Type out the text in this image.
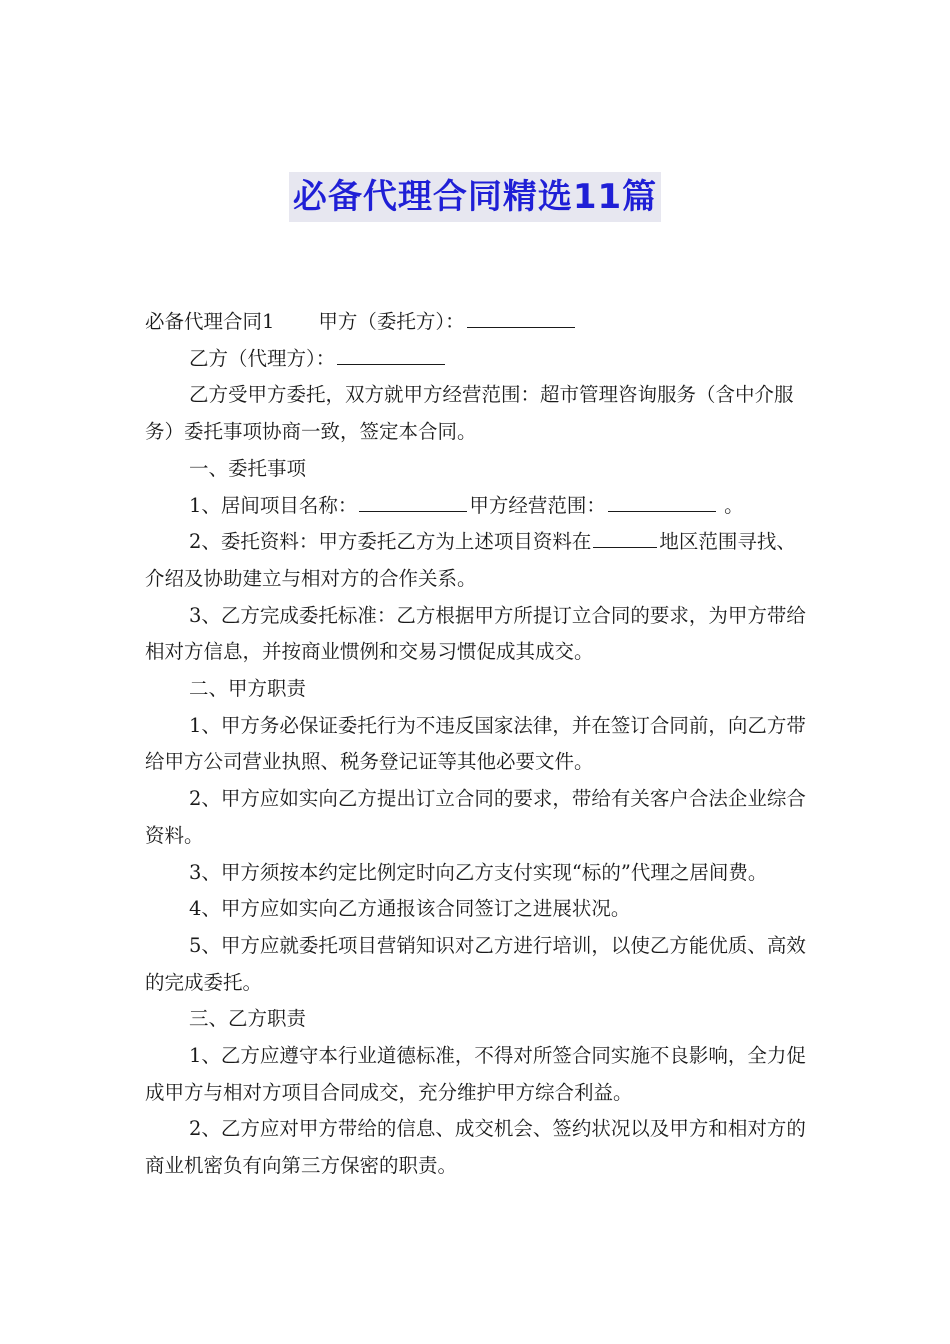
必备代理合同精选11篇

必备代理合同1 甲方（委托方）：

乙方（代理方）：

乙方受甲方委托，双方就甲方经营范围：超市管理咨询服务（含中介服务）委托事项协商一致，签定本合同。

一、委托事项

1、居间项目名称：	甲方经营范围：	。

2、委托资料：甲方委托乙方为上述项目资料在	地区范围寻找、介绍及协助建立与相对方的合作关系。

3、乙方完成委托标准：乙方根据甲方所提订立合同的要求，为甲方带给相对方信息，并按商业惯例和交易习惯促成其成交。

二、甲方职责

1、甲方务必保证委托行为不违反国家法律，并在签订合同前，向乙方带给甲方公司营业执照、税务登记证等其他必要文件。

2、甲方应如实向乙方提出订立合同的要求，带给有关客户合法企业综合资料。

3、甲方须按本约定比例定时向乙方支付实现“标的”代理之居间费。

4、甲方应如实向乙方通报该合同签订之进展状况。

5、甲方应就委托项目营销知识对乙方进行培训，以使乙方能优质、高效的完成委托。

三、乙方职责

1、乙方应遵守本行业道德标准，不得对所签合同实施不良影响，全力促成甲方与相对方项目合同成交，充分维护甲方综合利益。

2、乙方应对甲方带给的信息、成交机会、签约状况以及甲方和相对方的商业机密负有向第三方保密的职责。
